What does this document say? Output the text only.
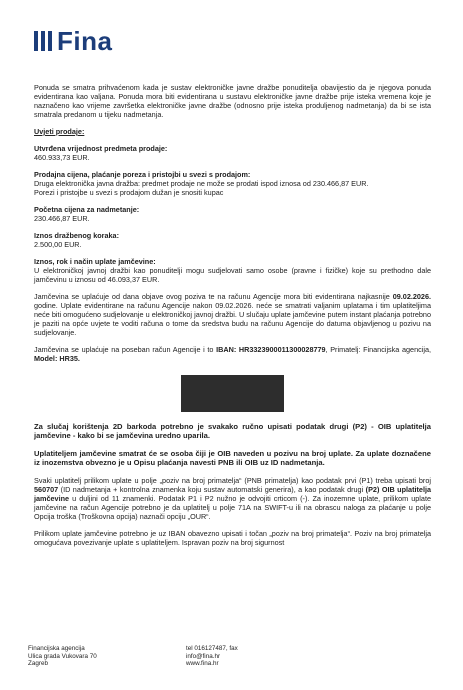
Fina

Ponuda se smatra prihvaćenom kada je sustav elektroničke javne dražbe ponuditelja obavijestio da je njegova ponuda evidentirana kao valjana. Ponuda mora biti evidentirana u sustavu elektroničke javne dražbe prije isteka vremena koje je naznačeno kao vrijeme završetka elektroničke javne dražbe (odnosno prije isteka produljenog nadmetanja) da bi se ista smatrala predanom u tijeku nadmetanja.

Uvjeti prodaje:

Utvrđena vrijednost predmeta prodaje:

460.933,73 EUR.

Prodajna cijena, plaćanje poreza i pristojbi u svezi s prodajom:

Druga elektronička javna dražba: predmet prodaje ne može se prodati ispod iznosa od 230.466,87 EUR.

Porezi i pristojbe u svezi s prodajom dužan je snositi kupac

Početna cijena za nadmetanje:

230.466,87 EUR.

Iznos dražbenog koraka:

2.500,00 EUR.

Iznos, rok i način uplate jamčevine:

U elektroničkoj javnoj dražbi kao ponuditelji mogu sudjelovati samo osobe (pravne i fizičke) koje su prethodno dale jamčevinu u iznosu od 46.093,37 EUR.

Jamčevina se uplaćuje od dana objave ovog poziva te na računu Agencije mora biti evidentirana najkasnije 09.02.2026. godine. Uplate evidentirane na računu Agencije nakon 09.02.2026. neće se smatrati valjanim uplatama i tim uplatiteljima neće biti omogućeno sudjelovanje u elektroničkoj javnoj dražbi. U slučaju uplate jamčevine putem instant plaćanja potrebno je paziti na opće uvjete te voditi računa o tome da sredstva budu na računu Agencije do datuma objavljenog u pozivu na sudjelovanje.

Jamčevina se uplaćuje na poseban račun Agencije i to IBAN: HR3323900011300028779, Primatelj: Financijska agencija, Model: HR35.

Za slučaj korištenja 2D barkoda potrebno je svakako ručno upisati podatak drugi (P2) - OIB uplatitelja jamčevine - kako bi se jamčevina uredno uparila.

Uplatiteljem jamčevine smatrat će se osoba čiji je OIB naveden u pozivu na broj uplate. Za uplate doznačene iz inozemstva obvezno je u Opisu plaćanja navesti PNB ili OIB uz ID nadmetanja.

Svaki uplatitelj prilikom uplate u polje „poziv na broj primatelja“ (PNB primatelja) kao podatak prvi (P1) treba upisati broj 560707 (ID nadmetanja + kontrolna znamenka koju sustav automatski generira), a kao podatak drugi (P2) OIB uplatitelja jamčevine u duljini od 11 znamenki. Podatak P1 i P2 nužno je odvojiti crticom (-). Za inozemne uplate, prilikom uplate jamčevine na račun Agencije potrebno je da uplatitelj u polje 71A na SWIFT-u ili na obrascu naloga za plaćanje u polje Opcija troška (Troškovna opcija) naznači opciju „OUR“.

Prilikom uplate jamčevine potrebno je uz IBAN obavezno upisati i točan „poziv na broj primatelja“. Poziv na broj primatelja omogućava povezivanje uplate s uplatiteljem. Ispravan poziv na broj sigurnost

Financijska agencija
Ulica grada Vukovara 70
Zagreb
tel 016127487, fax
info@fina.hr
www.fina.hr
